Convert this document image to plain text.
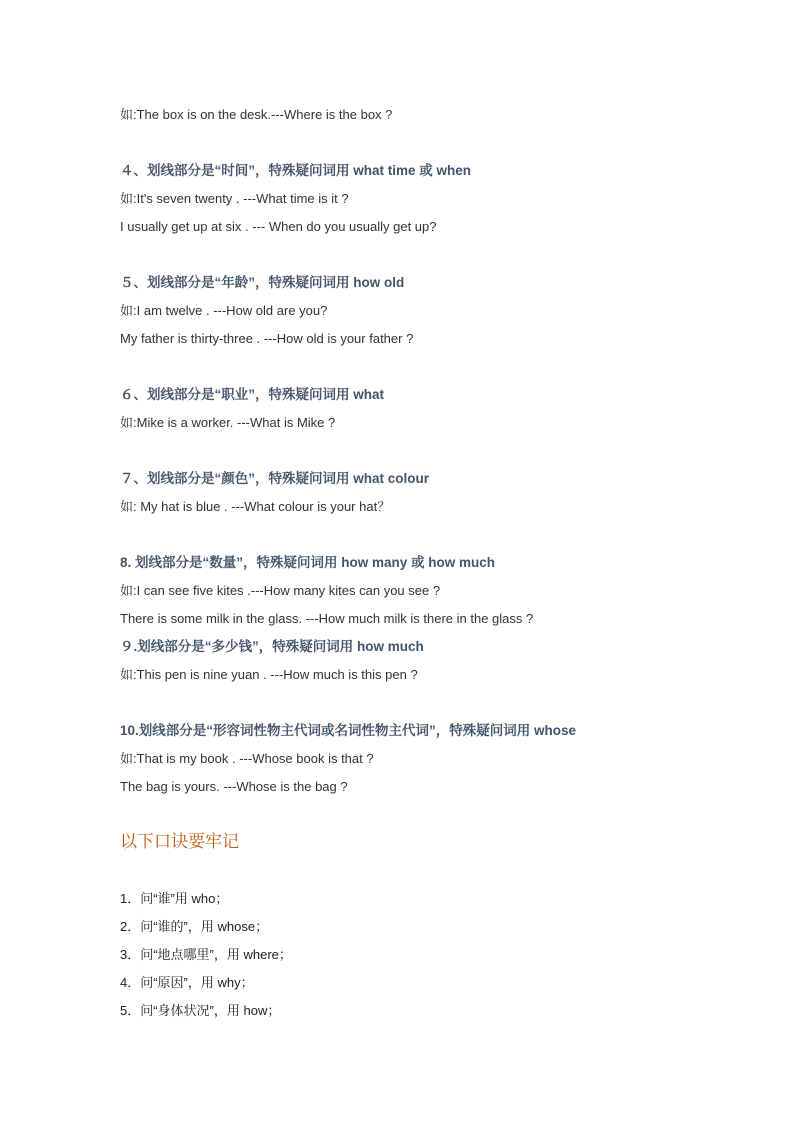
如:The box is on the desk.---Where is the box ?
４、划线部分是“时间”，特殊疑问词用 what time 或 when
如:It's seven twenty . ---What time is it ?
I usually get up at six . --- When do you usually get up?
５、划线部分是“年龄”，特殊疑问词用 how old
如:I am twelve . ---How old are you?
My father is thirty-three . ---How old is your father ?
６、划线部分是“职业”，特殊疑问词用 what
如:Mike is a worker. ---What is Mike ?
７、划线部分是“颜色”，特殊疑问词用 what colour
如: My hat is blue . ---What colour is your hat？
8. 划线部分是“数量”，特殊疑问词用 how many 或 how much
如:I can see five kites .---How many kites can you see ?
There is some milk in the glass. ---How much milk is there in the glass ?
９.划线部分是“多少钱”，特殊疑问词用 how much
如:This pen is nine yuan . ---How much is this pen ?
10.划线部分是“形容词性物主代词或名词性物主代词”，特殊疑问词用 whose
如:That is my book . ---Whose book is that ?
The bag is yours. ---Whose is the bag ?
以下口诀要牢记
1．问“谁”用 who；
2．问“谁的”，用 whose；
3．问“地点哪里”，用 where；
4．问“原因”，用 why；
5．问“身体状况”，用 how；
